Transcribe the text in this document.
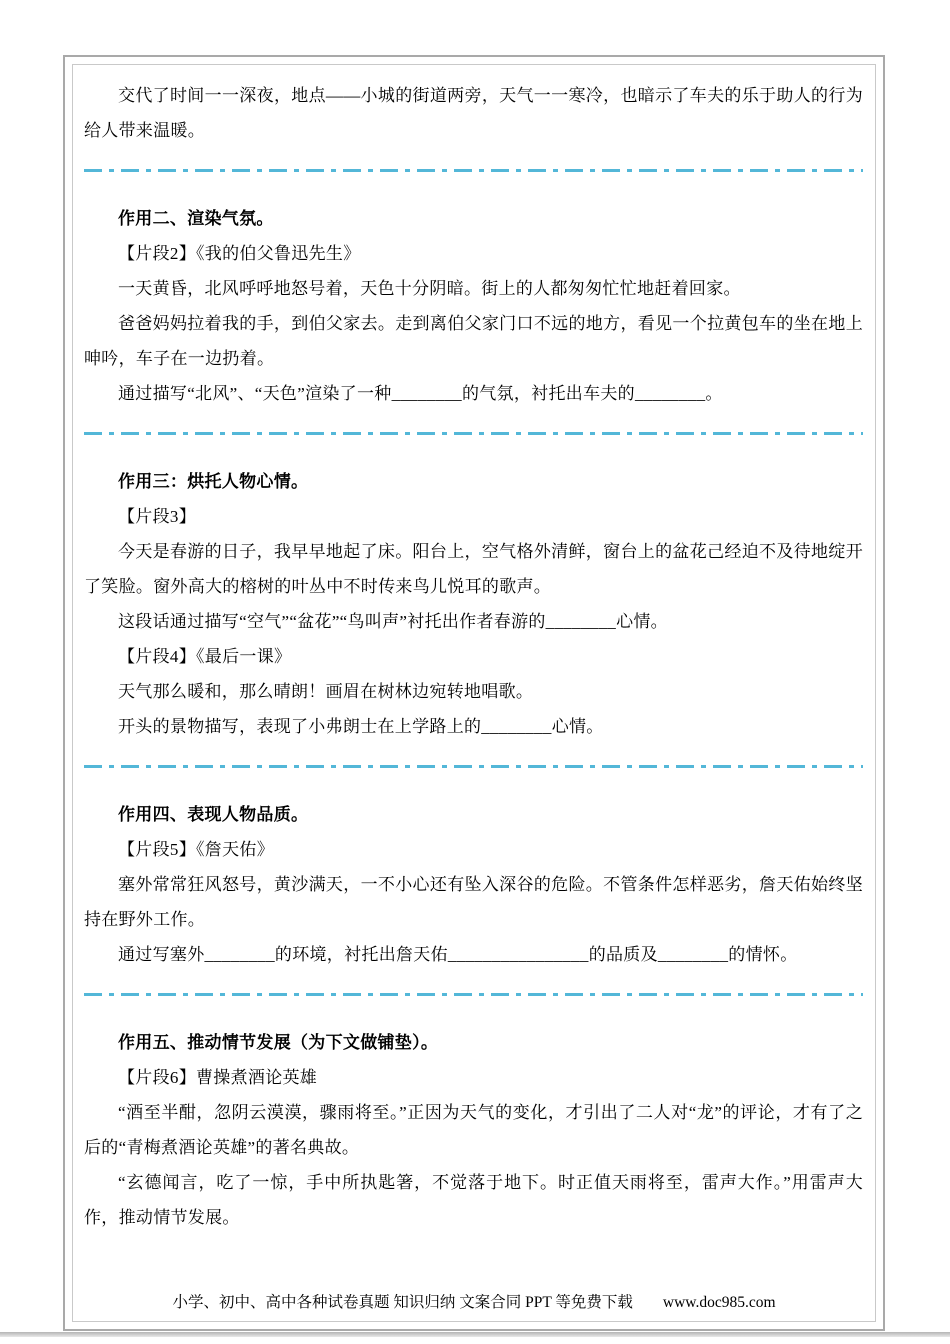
交代了时间一一深夜，地点——小城的街道两旁，天气一一寒冷，也暗示了车夫的乐于助人的行为给人带来温暖。

作用二、渲染气氛。

【片段2】《我的伯父鲁迅先生》

一天黄昏，北风呼呼地怒号着，天色十分阴暗。街上的人都匆匆忙忙地赶着回家。

爸爸妈妈拉着我的手，到伯父家去。走到离伯父家门口不远的地方，看见一个拉黄包车的坐在地上呻吟，车子在一边扔着。

通过描写“北风”、“天色”渲染了一种________的气氛，衬托出车夫的________。

作用三：烘托人物心情。

【片段3】

今天是春游的日子，我早早地起了床。阳台上，空气格外清鲜，窗台上的盆花己经迫不及待地绽开了笑脸。窗外高大的榕树的叶丛中不时传来鸟儿悦耳的歌声。

这段话通过描写“空气”“盆花”“鸟叫声”衬托出作者春游的________心情。

【片段4】《最后一课》

天气那么暖和，那么晴朗！画眉在树林边宛转地唱歌。

开头的景物描写，表现了小弗朗士在上学路上的________心情。

作用四、表现人物品质。

【片段5】《詹天佑》

塞外常常狂风怒号，黄沙满天，一不小心还有坠入深谷的危险。不管条件怎样恶劣，詹天佑始终坚持在野外工作。

通过写塞外________的环境，衬托出詹天佑________________的品质及________的情怀。

作用五、推动情节发展（为下文做铺垫）。

【片段6】曹操煮酒论英雄

“酒至半酣，忽阴云漠漠，骤雨将至。”正因为天气的变化，才引出了二人对“龙”的评论，才有了之后的“青梅煮酒论英雄”的著名典故。

“玄德闻言，吃了一惊，手中所执匙箸，不觉落于地下。时正值天雨将至，雷声大作。”用雷声大作，推动情节发展。

小学、初中、高中各种试卷真题 知识归纳 文案合同 PPT 等免费下载 www.doc985.com
